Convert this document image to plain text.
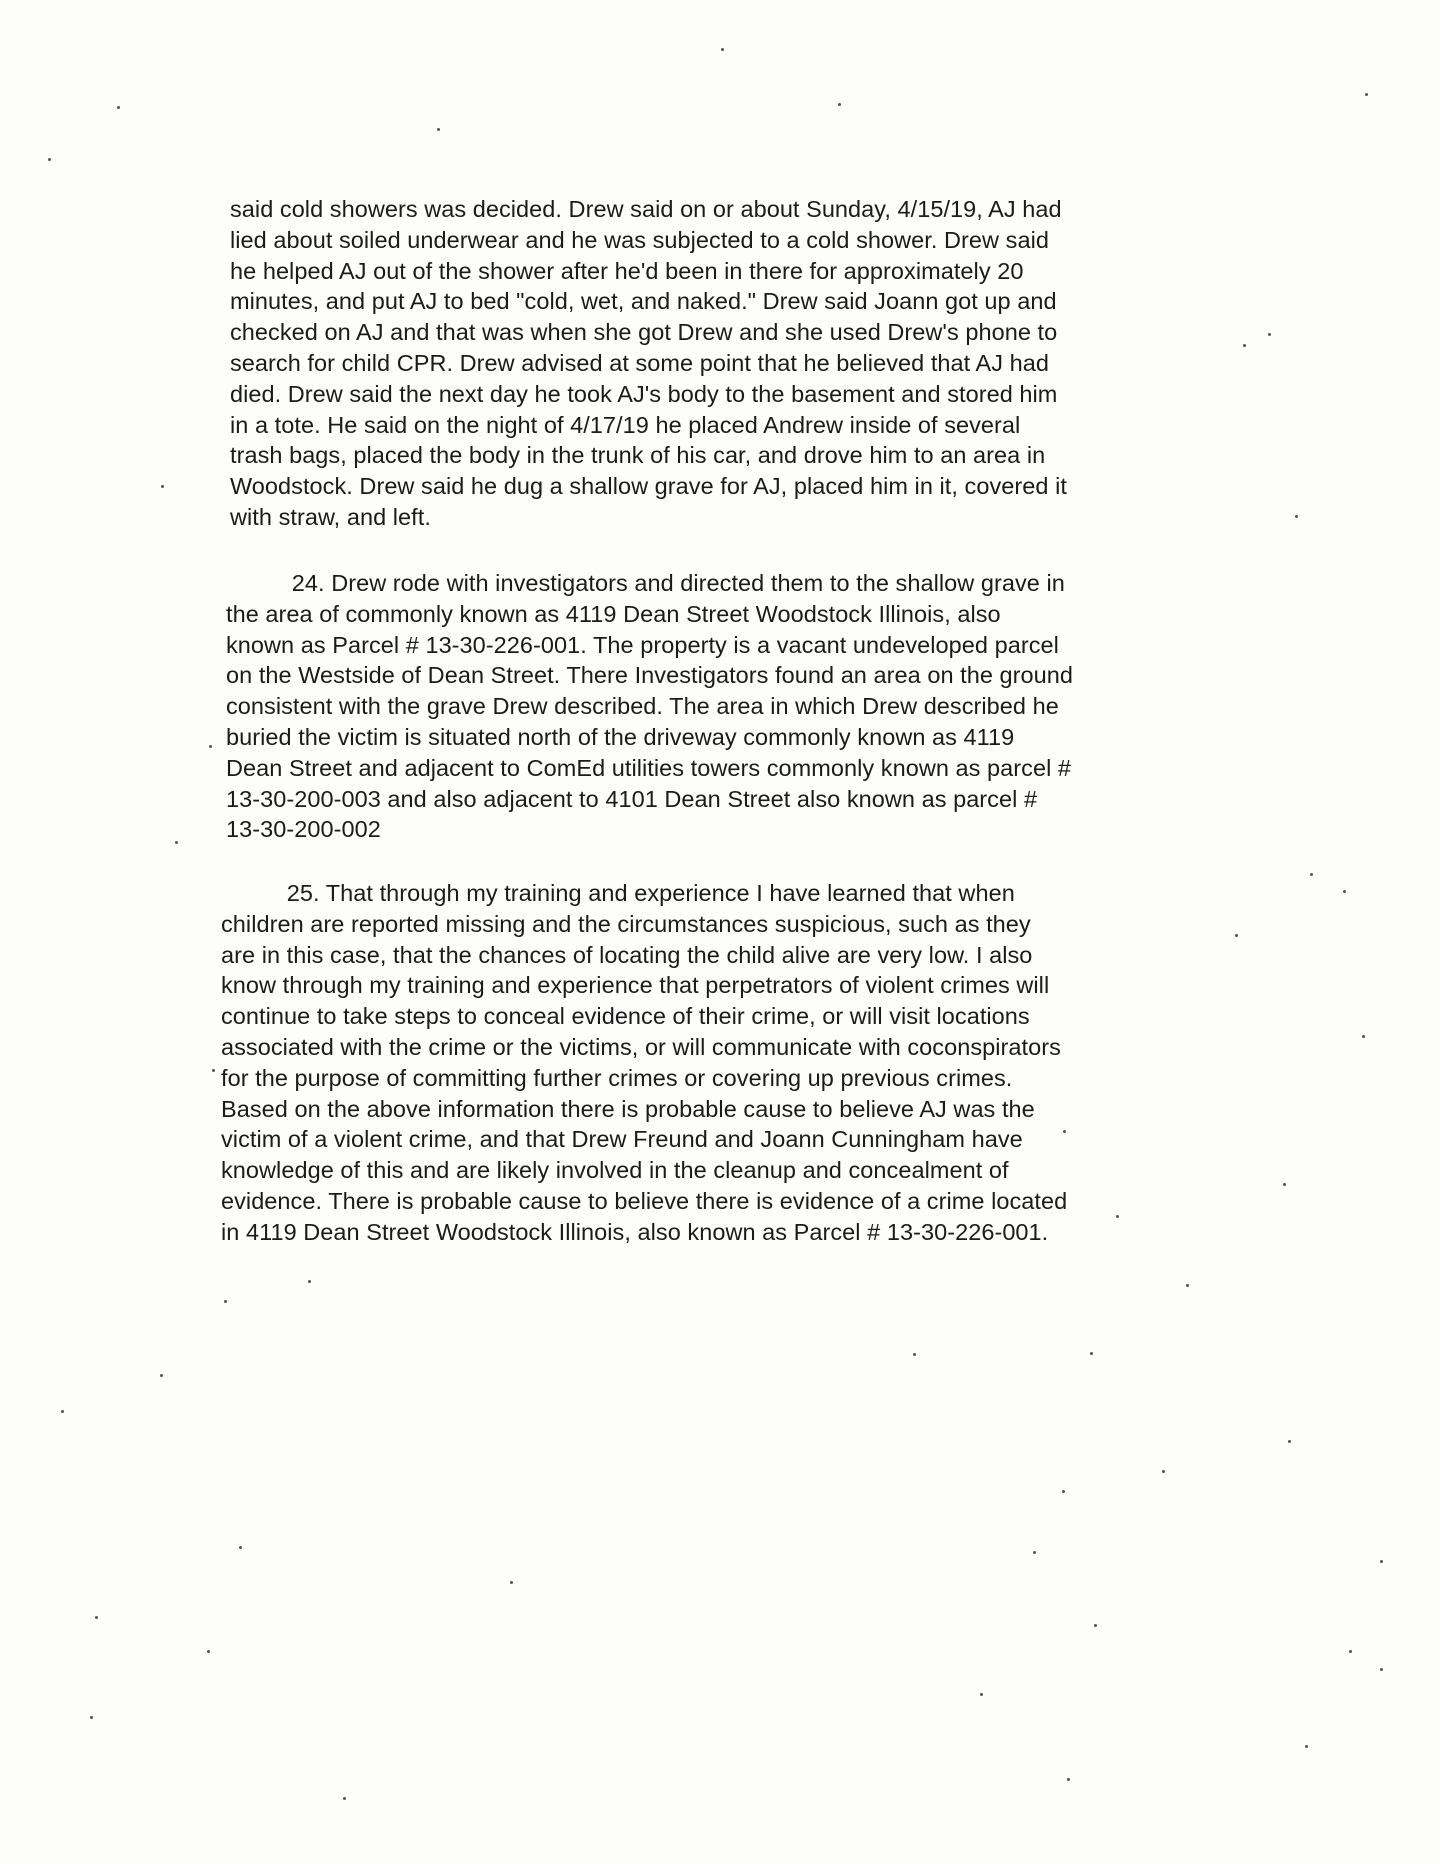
said cold showers was decided. Drew said on or about Sunday, 4/15/19, AJ had
lied about soiled underwear and he was subjected to a cold shower. Drew said
he helped AJ out of the shower after he'd been in there for approximately 20
minutes, and put AJ to bed "cold, wet, and naked." Drew said Joann got up and
checked on AJ and that was when she got Drew and she used Drew's phone to
search for child CPR. Drew advised at some point that he believed that AJ had
died. Drew said the next day he took AJ's body to the basement and stored him
in a tote. He said on the night of 4/17/19 he placed Andrew inside of several
trash bags, placed the body in the trunk of his car, and drove him to an area in
Woodstock. Drew said he dug a shallow grave for AJ, placed him in it, covered it
with straw, and left.
24. Drew rode with investigators and directed them to the shallow grave in
the area of commonly known as 4119 Dean Street Woodstock Illinois, also
known as Parcel # 13-30-226-001. The property is a vacant undeveloped parcel
on the Westside of Dean Street. There Investigators found an area on the ground
consistent with the grave Drew described. The area in which Drew described he
buried the victim is situated north of the driveway commonly known as 4119
Dean Street and adjacent to ComEd utilities towers commonly known as parcel #
13-30-200-003 and also adjacent to 4101 Dean Street also known as parcel #
13-30-200-002
25. That through my training and experience I have learned that when
children are reported missing and the circumstances suspicious, such as they
are in this case, that the chances of locating the child alive are very low. I also
know through my training and experience that perpetrators of violent crimes will
continue to take steps to conceal evidence of their crime, or will visit locations
associated with the crime or the victims, or will communicate with coconspirators
for the purpose of committing further crimes or covering up previous crimes.
Based on the above information there is probable cause to believe AJ was the
victim of a violent crime, and that Drew Freund and Joann Cunningham have
knowledge of this and are likely involved in the cleanup and concealment of
evidence. There is probable cause to believe there is evidence of a crime located
in 4119 Dean Street Woodstock Illinois, also known as Parcel # 13-30-226-001.
